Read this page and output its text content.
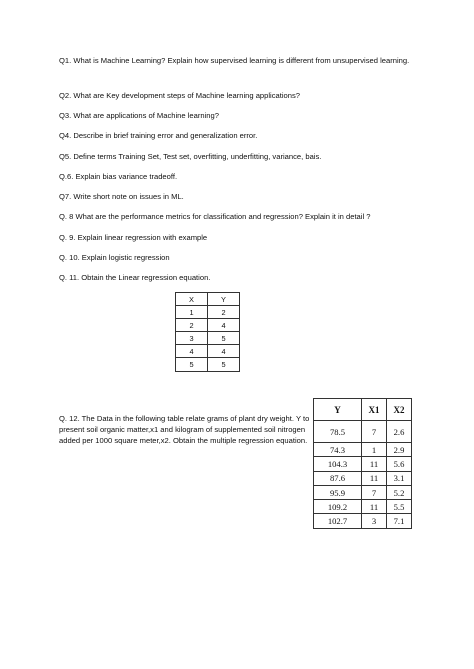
Q1. What is Machine Learning? Explain how supervised learning is different from unsupervised learning.
Q2. What are Key development steps of Machine learning applications?
Q3. What are applications of Machine learning?
Q4. Describe in brief training error and generalization error.
Q5. Define terms Training Set, Test set, overfitting, underfitting, variance, bais.
Q.6. Explain bias variance tradeoff.
Q7. Write short note on issues in ML.
Q. 8 What are the performance metrics for classification and regression? Explain it in detail ?
Q. 9. Explain linear regression with example
Q. 10. Explain logistic regression
Q. 11. Obtain the Linear regression equation.
X	Y
1	2
2	4
3	5
4	4
5	5
Q. 12. The Data in the following table relate grams of plant dry weight. Y to present soil organic matter,x1 and kilogram of supplemented soil nitrogen added per 1000 square meter,x2. Obtain the multiple regression equation.
Y	X1	X2
78.5	7	2.6
74.3	1	2.9
104.3	11	5.6
87.6	11	3.1
95.9	7	5.2
109.2	11	5.5
102.7	3	7.1
